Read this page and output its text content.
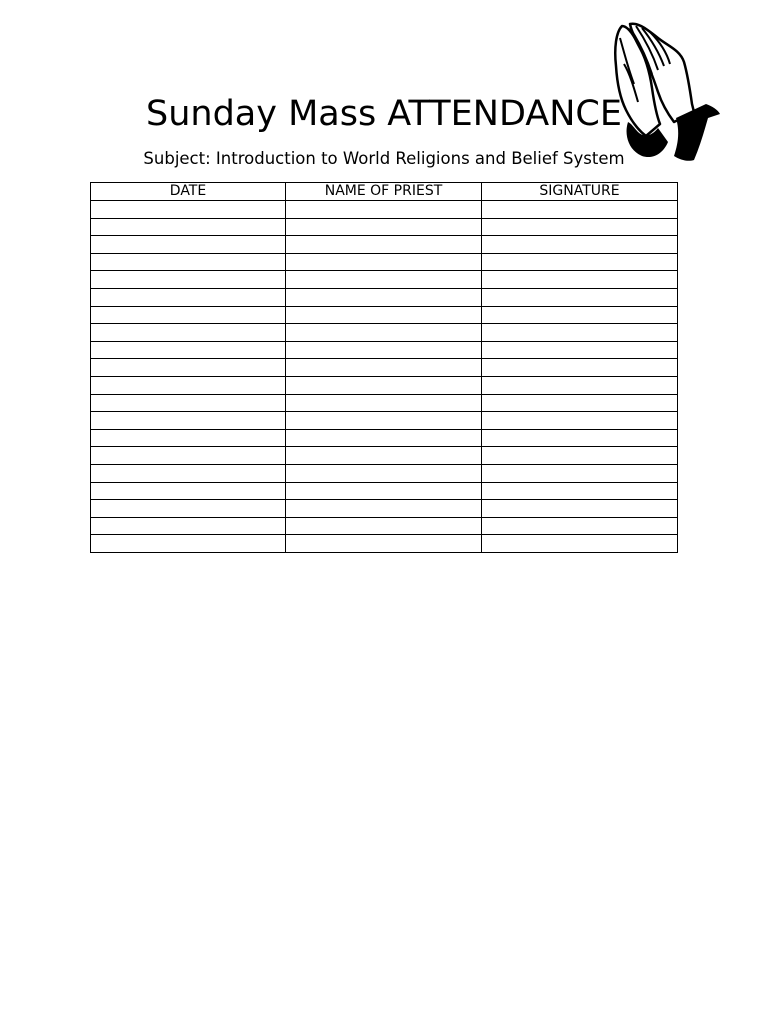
Sunday Mass ATTENDANCE
Subject: Introduction to World Religions and Belief System
DATE	NAME OF PRIEST	SIGNATURE
